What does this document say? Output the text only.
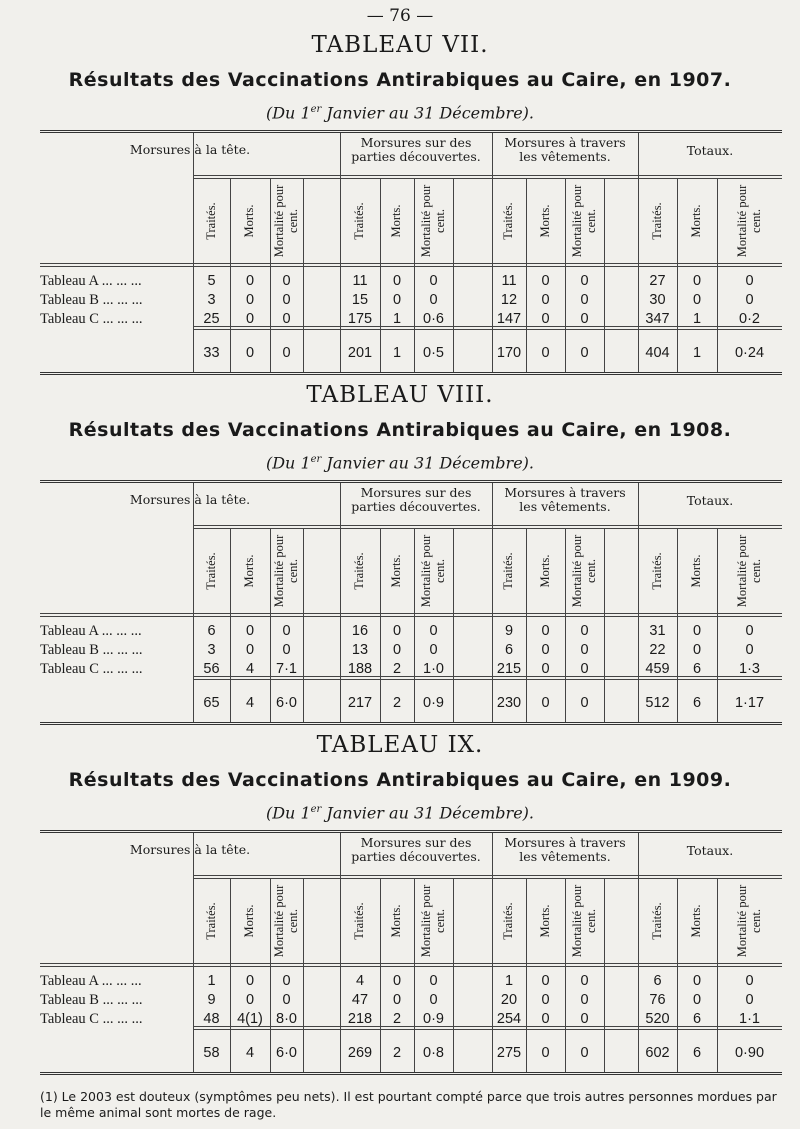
— 76 —
TABLEAU VII.
Résultats des Vaccinations Antirabiques au Caire, en 1907.
(Du 1er Janvier au 31 Décembre).
Morsures à la tête.	Morsures sur des parties découvertes.
Morsures à travers les vêtements.	Totaux.
Traités. Morts. Mortalité pour cent.	Traités. Morts. Mortalité pour cent.	Traités. Morts. Mortalité pour cent.	Traités. Morts.	Mortalité pour cent.
Tableau A ... ... ...	5	0	0	11	0	0	11	0	0	27	0	0
Tableau B ... ... ...	3	0	0	15	0	0	12	0	0	30	0	0
Tableau C ... ... ...	25	0	0	175	1	0·6	147	0	0	347	1	0·2
33	0	0	201	1	0·5	170	0	0	404	1	0·24
TABLEAU VIII.
Résultats des Vaccinations Antirabiques au Caire, en 1908.
(Du 1er Janvier au 31 Décembre).
Morsures à la tête.	Morsures sur des parties découvertes.
Morsures à travers les vêtements.	Totaux.
Traités. Morts. Mortalité pour cent.	Traités. Morts. Mortalité pour cent.	Traités. Morts. Mortalité pour cent.	Traités. Morts.	Mortalité pour cent.
Tableau A ... ... ...	6	0	0	16	0	0	9	0	0	31	0	0
Tableau B ... ... ...	3	0	0	13	0	0	6	0	0	22	0	0
Tableau C ... ... ...	56	4	7·1	188	2	1·0	215	0	0	459	6	1·3
65	4	6·0	217	2	0·9	230	0	0	512	6	1·17
TABLEAU IX.
Résultats des Vaccinations Antirabiques au Caire, en 1909.
(Du 1er Janvier au 31 Décembre).
Morsures à la tête.	Morsures sur des parties découvertes.
Morsures à travers les vêtements.	Totaux.
Traités. Morts. Mortalité pour cent.	Traités. Morts. Mortalité pour cent.	Traités. Morts. Mortalité pour cent.	Traités. Morts.	Mortalité pour cent.
Tableau A ... ... ...	1	0	0	4	0	0	1	0	0	6	0	0
Tableau B ... ... ...	9	0	0	47	0	0	20	0	0	76	0	0
Tableau C ... ... ...	48	4(1) 8·0	218	2	0·9	254	0	0	520	6	1·1
58	4	6·0	269	2	0·8	275	0	0	602	6	0·90
(1) Le 2003 est douteux (symptômes peu nets). Il est pourtant compté parce que trois autres personnes mordues par le même animal sont mortes de rage.
